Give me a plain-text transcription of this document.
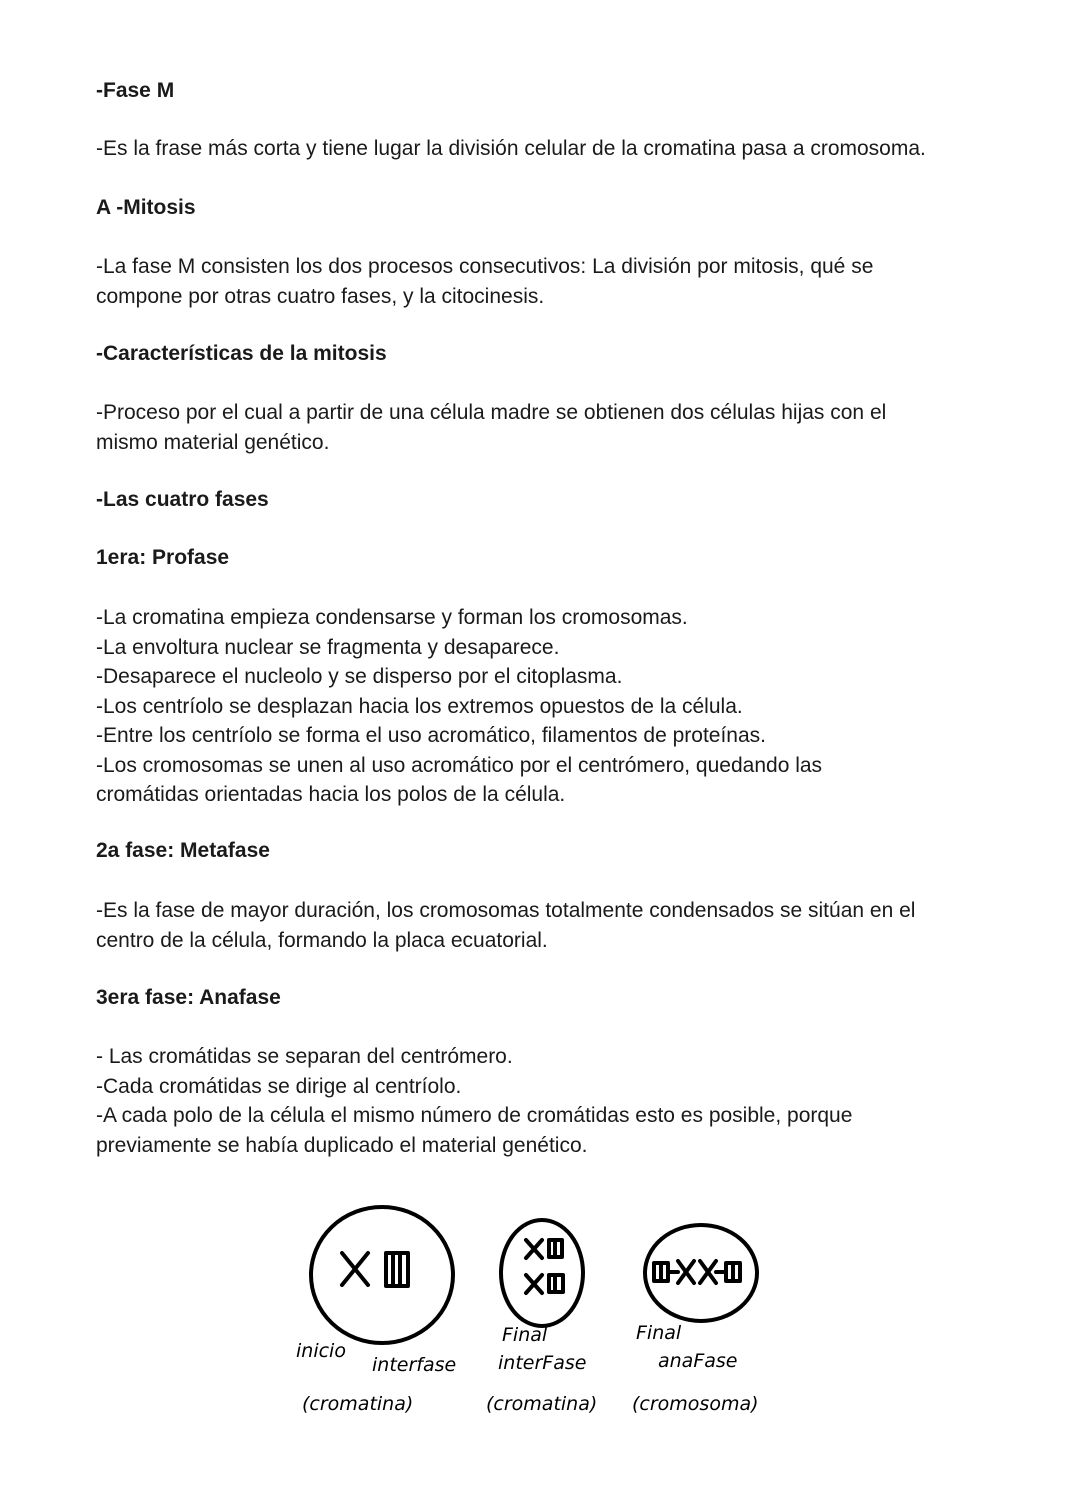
-Fase M
-Es la frase más corta y tiene lugar la división celular de la cromatina pasa a cromosoma.
A -Mitosis
-La fase M consisten los dos procesos consecutivos: La división por mitosis, qué se
compone por otras cuatro fases, y la citocinesis.
-Características de la mitosis
-Proceso por el cual a partir de una célula madre se obtienen dos células hijas con el
mismo material genético.
-Las cuatro fases
1era: Profase
-La cromatina empieza condensarse y forman los cromosomas.
-La envoltura nuclear se fragmenta y desaparece.
-Desaparece el nucleolo y se disperso por el citoplasma.
-Los centríolo se desplazan hacia los extremos opuestos de la célula.
-Entre los centríolo se forma el uso acromático, filamentos de proteínas.
-Los cromosomas se unen al uso acromático por el centrómero, quedando las
cromátidas orientadas hacia los polos de la célula.
2a fase: Metafase
-Es la fase de mayor duración, los cromosomas totalmente condensados se sitúan en el
centro de la célula, formando la placa ecuatorial.
3era fase: Anafase
- Las cromátidas se separan del centrómero.
-Cada cromátidas se dirige al centríolo.
-A cada polo de la célula el mismo número de cromátidas esto es posible, porque
previamente se había duplicado el material genético.
inicio
interfase
(cromatina)
Final
interFase
(cromatina)
Final
anaFase
(cromosoma)
